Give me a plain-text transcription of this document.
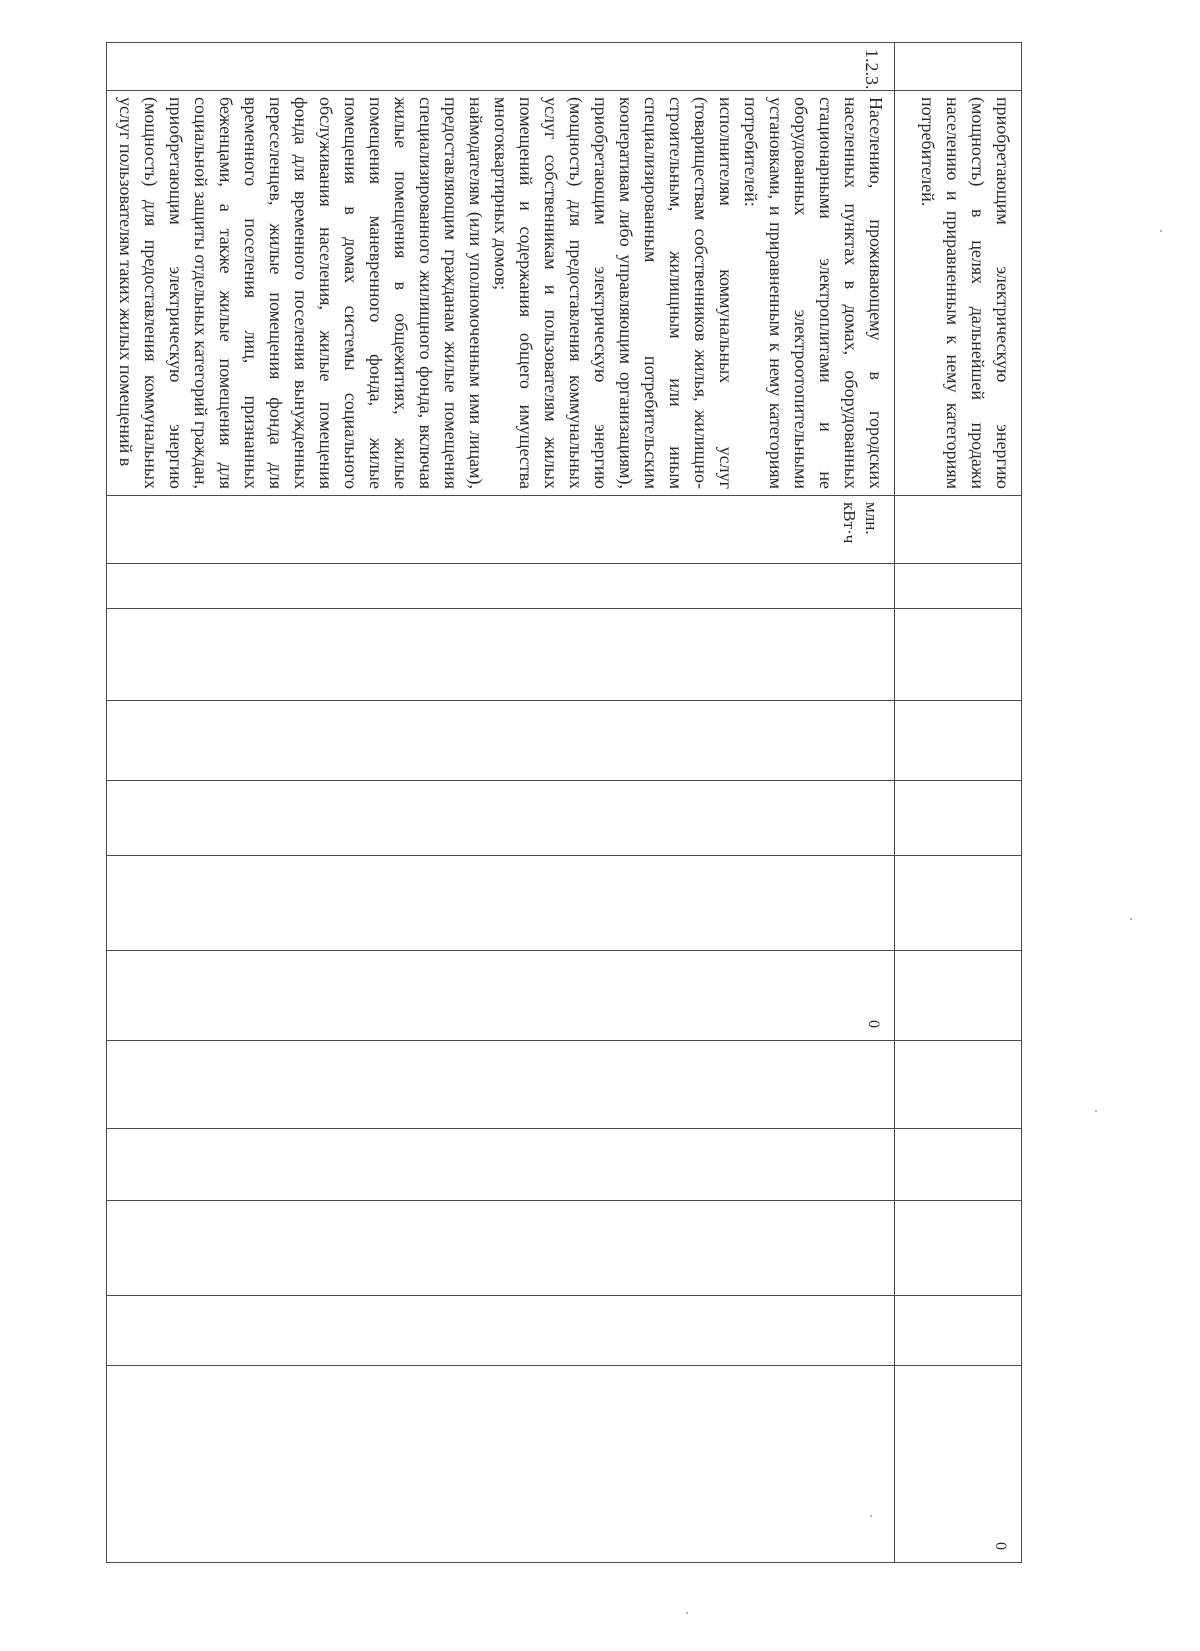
	приобретающим электрическую энергию (мощность) в целях дальнейшей продажи населению и приравненным к нему категориям потребителей.												0
1.2.3.	Населению, проживающему в городских населенных пунктах в домах, оборудованных стационарными электроплитами и не оборудованных электроотопительными установками, и приравненным к нему категориям потребителей:

исполнителям коммунальных услуг (товариществам собственников жилья, жилищно-строительным, жилищным или иным специализированным потребительским кооперативам либо управляющим организациям), приобретающим электрическую энергию (мощность) для предоставления коммунальных услуг собственникам и пользователям жилых помещений и содержания общего имущества многоквартирных домов;

наймодателям (или уполномоченным ими лицам), предоставляющим гражданам жилые помещения специализированного жилищного фонда, включая жилые помещения в общежитиях, жилые помещения маневренного фонда, жилые помещения в домах системы социального обслуживания населения, жилые помещения фонда для временного поселения вынужденных переселенцев, жилые помещения фонда для временного поселения лиц, признанных беженцами, а также жилые помещения для социальной защиты отдельных категорий граждан, приобретающим электрическую энергию (мощность) для предоставления коммунальных услуг пользователям таких жилых помещений в	млн. кВт·ч						0					
